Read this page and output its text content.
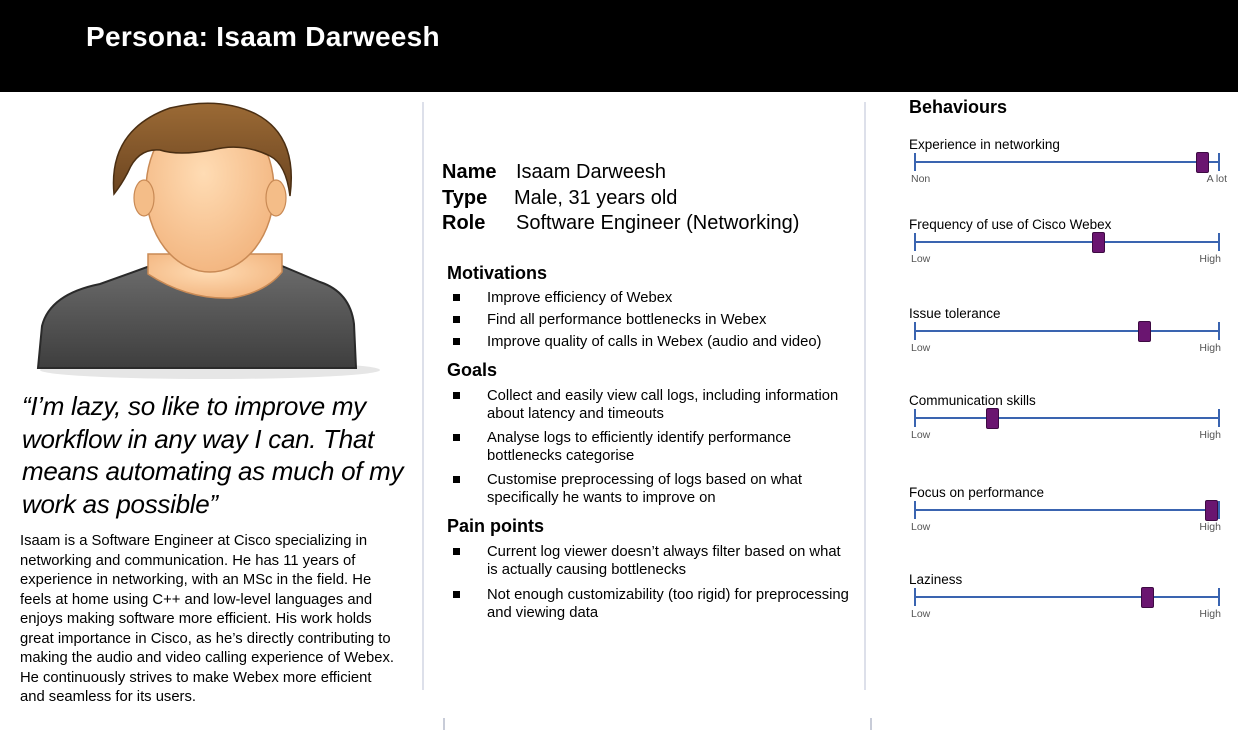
Persona: Isaam Darweesh
“I’m lazy, so like to improve my workflow in any way I can. That means automating as much of my work as possible”
Isaam is a Software Engineer at Cisco specializing in networking and communication. He has 11 years of experience in networking, with an MSc in the field. He feels at home using C++ and low-level languages and enjoys making software more efficient. His work holds great importance in Cisco, as he’s directly contributing to making the audio and video calling experience of Webex. He continuously strives to make Webex more efficient and seamless for its users.
Name Isaam Darweesh
Type Male, 31 years old
Role Software Engineer (Networking)
Motivations
Improve efficiency of Webex
Find all performance bottlenecks in Webex
Improve quality of calls in Webex (audio and video)
Goals
Collect and easily view call logs, including information about latency and timeouts
Analyse logs to efficiently identify performance bottlenecks categorise
Customise preprocessing of logs based on what specifically he wants to improve on
Pain points
Current log viewer doesn’t always filter based on what is actually causing bottlenecks
Not enough customizability (too rigid) for preprocessing and viewing data
Behaviours
Experience in networking
Non	A lot
Frequency of use of Cisco Webex
Low	High
Issue tolerance
Low	High
Communication skills
Low	High
Focus on performance
Low	High
Laziness
Low	High
